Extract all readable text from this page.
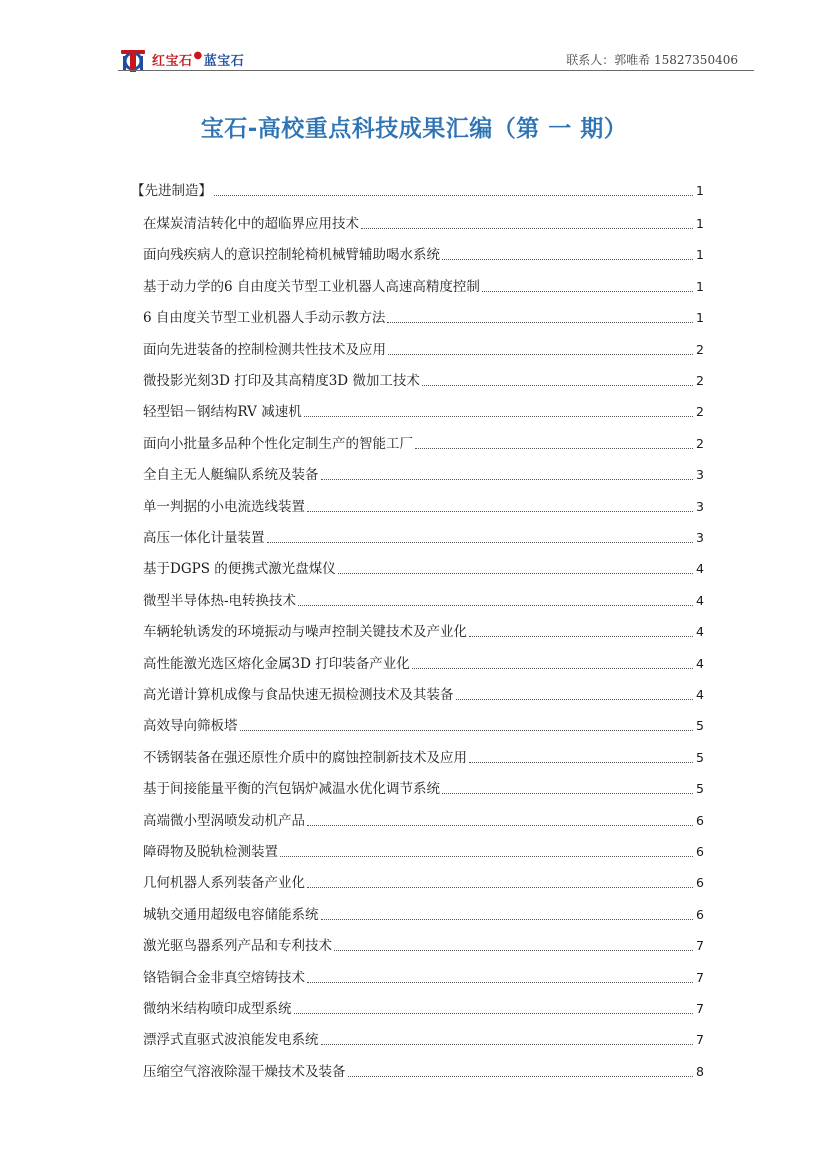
红宝石●蓝宝石	联系人：郭唯希 15827350406
宝石-高校重点科技成果汇编（第 一 期）
【先进制造】	1
在煤炭清洁转化中的超临界应用技术	1
面向残疾病人的意识控制轮椅机械臂辅助喝水系统	1
基于动力学的6 自由度关节型工业机器人高速高精度控制	1
6 自由度关节型工业机器人手动示教方法	1
面向先进装备的控制检测共性技术及应用	2
微投影光刻3D 打印及其高精度3D 微加工技术	2
轻型铝－钢结构RV 减速机	2
面向小批量多品种个性化定制生产的智能工厂	2
全自主无人艇编队系统及装备	3
单一判据的小电流选线装置	3
高压一体化计量装置	3
基于DGPS 的便携式激光盘煤仪	4
微型半导体热-电转换技术	4
车辆轮轨诱发的环境振动与噪声控制关键技术及产业化	4
高性能激光选区熔化金属3D 打印装备产业化	4
高光谱计算机成像与食品快速无损检测技术及其装备	4
高效导向筛板塔	5
不锈钢装备在强还原性介质中的腐蚀控制新技术及应用	5
基于间接能量平衡的汽包锅炉减温水优化调节系统	5
高端微小型涡喷发动机产品	6
障碍物及脱轨检测装置	6
几何机器人系列装备产业化	6
城轨交通用超级电容储能系统	6
激光驱鸟器系列产品和专利技术	7
铬锆铜合金非真空熔铸技术	7
微纳米结构喷印成型系统	7
漂浮式直驱式波浪能发电系统	7
压缩空气溶液除湿干燥技术及装备	8
